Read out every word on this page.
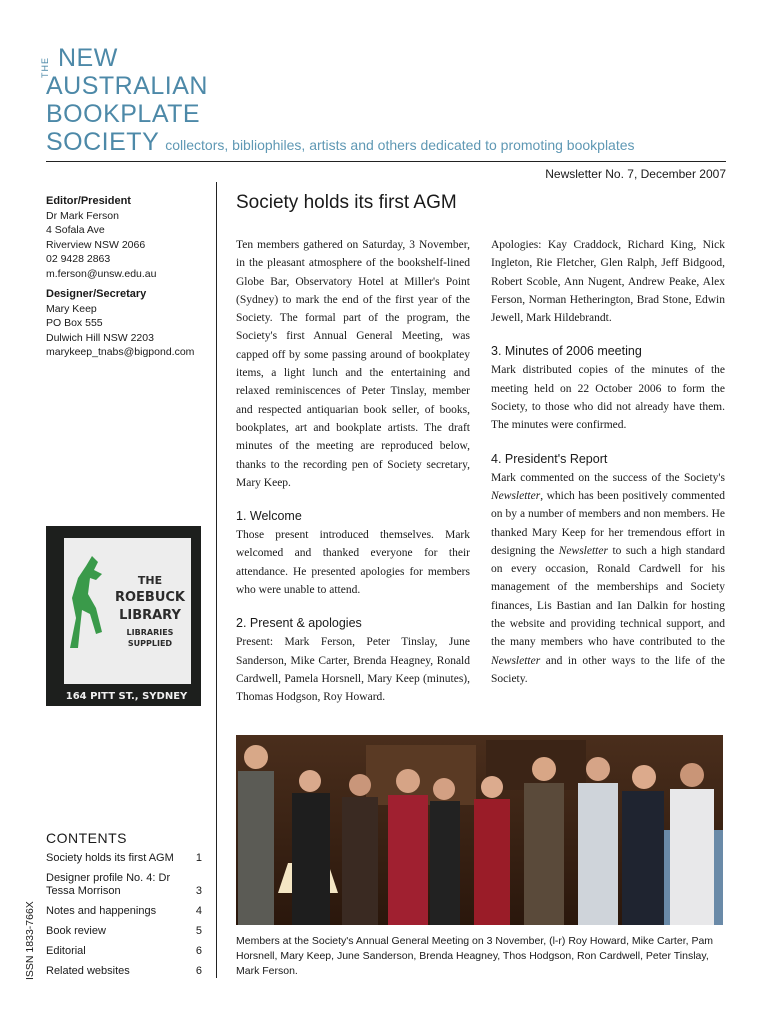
THE NEW
AUSTRALIAN
BOOKPLATE
SOCIETY collectors, bibliophiles, artists and others dedicated to promoting bookplates
Newsletter No. 7, December 2007
Editor/President
Dr Mark Ferson
4 Sofala Ave
Riverview NSW 2066
02 9428 2863
m.ferson@unsw.edu.au
Designer/Secretary
Mary Keep
PO Box 555
Dulwich Hill NSW 2203
marykeep_tnabs@bigpond.com
THE
ROEBUCK
LIBRARY
LIBRARIES
SUPPLIED
164 PITT ST., SYDNEY
CONTENTS
Society holds its first AGM 1
Designer profile No. 4: Dr Tessa Morrison	3
Notes and happenings	4
Book review	5
Editorial	6
Related websites	6
ISSN 1833-766X
Society holds its first AGM

Ten members gathered on Saturday, 3 November, in the pleasant atmosphere of the bookshelf-lined Globe Bar, Observatory Hotel at Miller's Point (Sydney) to mark the end of the first year of the Society. The formal part of the program, the Society's first Annual General Meeting, was capped off by some passing around of bookplatey items, a light lunch and the entertaining and relaxed reminiscences of Peter Tinslay, member and respected antiquarian book seller, of books, bookplates, art and bookplate artists. The draft minutes of the meeting are reproduced below, thanks to the recording pen of Society secretary, Mary Keep.

1. Welcome

Those present introduced themselves. Mark welcomed and thanked everyone for their attendance. He presented apologies for members who were unable to attend.

2. Present & apologies

Present: Mark Ferson, Peter Tinslay, June Sanderson, Mike Carter, Brenda Heagney, Ronald Cardwell, Pamela Horsnell, Mary Keep (minutes), Thomas Hodgson, Roy Howard.

Apologies: Kay Craddock, Richard King, Nick Ingleton, Rie Fletcher, Glen Ralph, Jeff Bidgood, Robert Scoble, Ann Nugent, Andrew Peake, Alex Ferson, Norman Hetherington, Brad Stone, Edwin Jewell, Mark Hildebrandt.

3. Minutes of 2006 meeting

Mark distributed copies of the minutes of the meeting held on 22 October 2006 to form the Society, to those who did not already have them. The minutes were confirmed.

4. President's Report

Mark commented on the success of the Society's Newsletter, which has been positively commented on by a number of members and non members. He thanked Mary Keep for her tremendous effort in designing the Newsletter to such a high standard on every occasion, Ronald Cardwell for his management of the memberships and Society finances, Lis Bastian and Ian Dalkin for hosting the website and providing technical support, and the many members who have contributed to the Newsletter and in other ways to the life of the Society.

Members at the Society's Annual General Meeting on 3 November, (l-r) Roy Howard, Mike Carter, Pam Horsnell, Mary Keep, June Sanderson, Brenda Heagney, Thos Hodgson, Ron Cardwell, Peter Tinslay, Mark Ferson.
